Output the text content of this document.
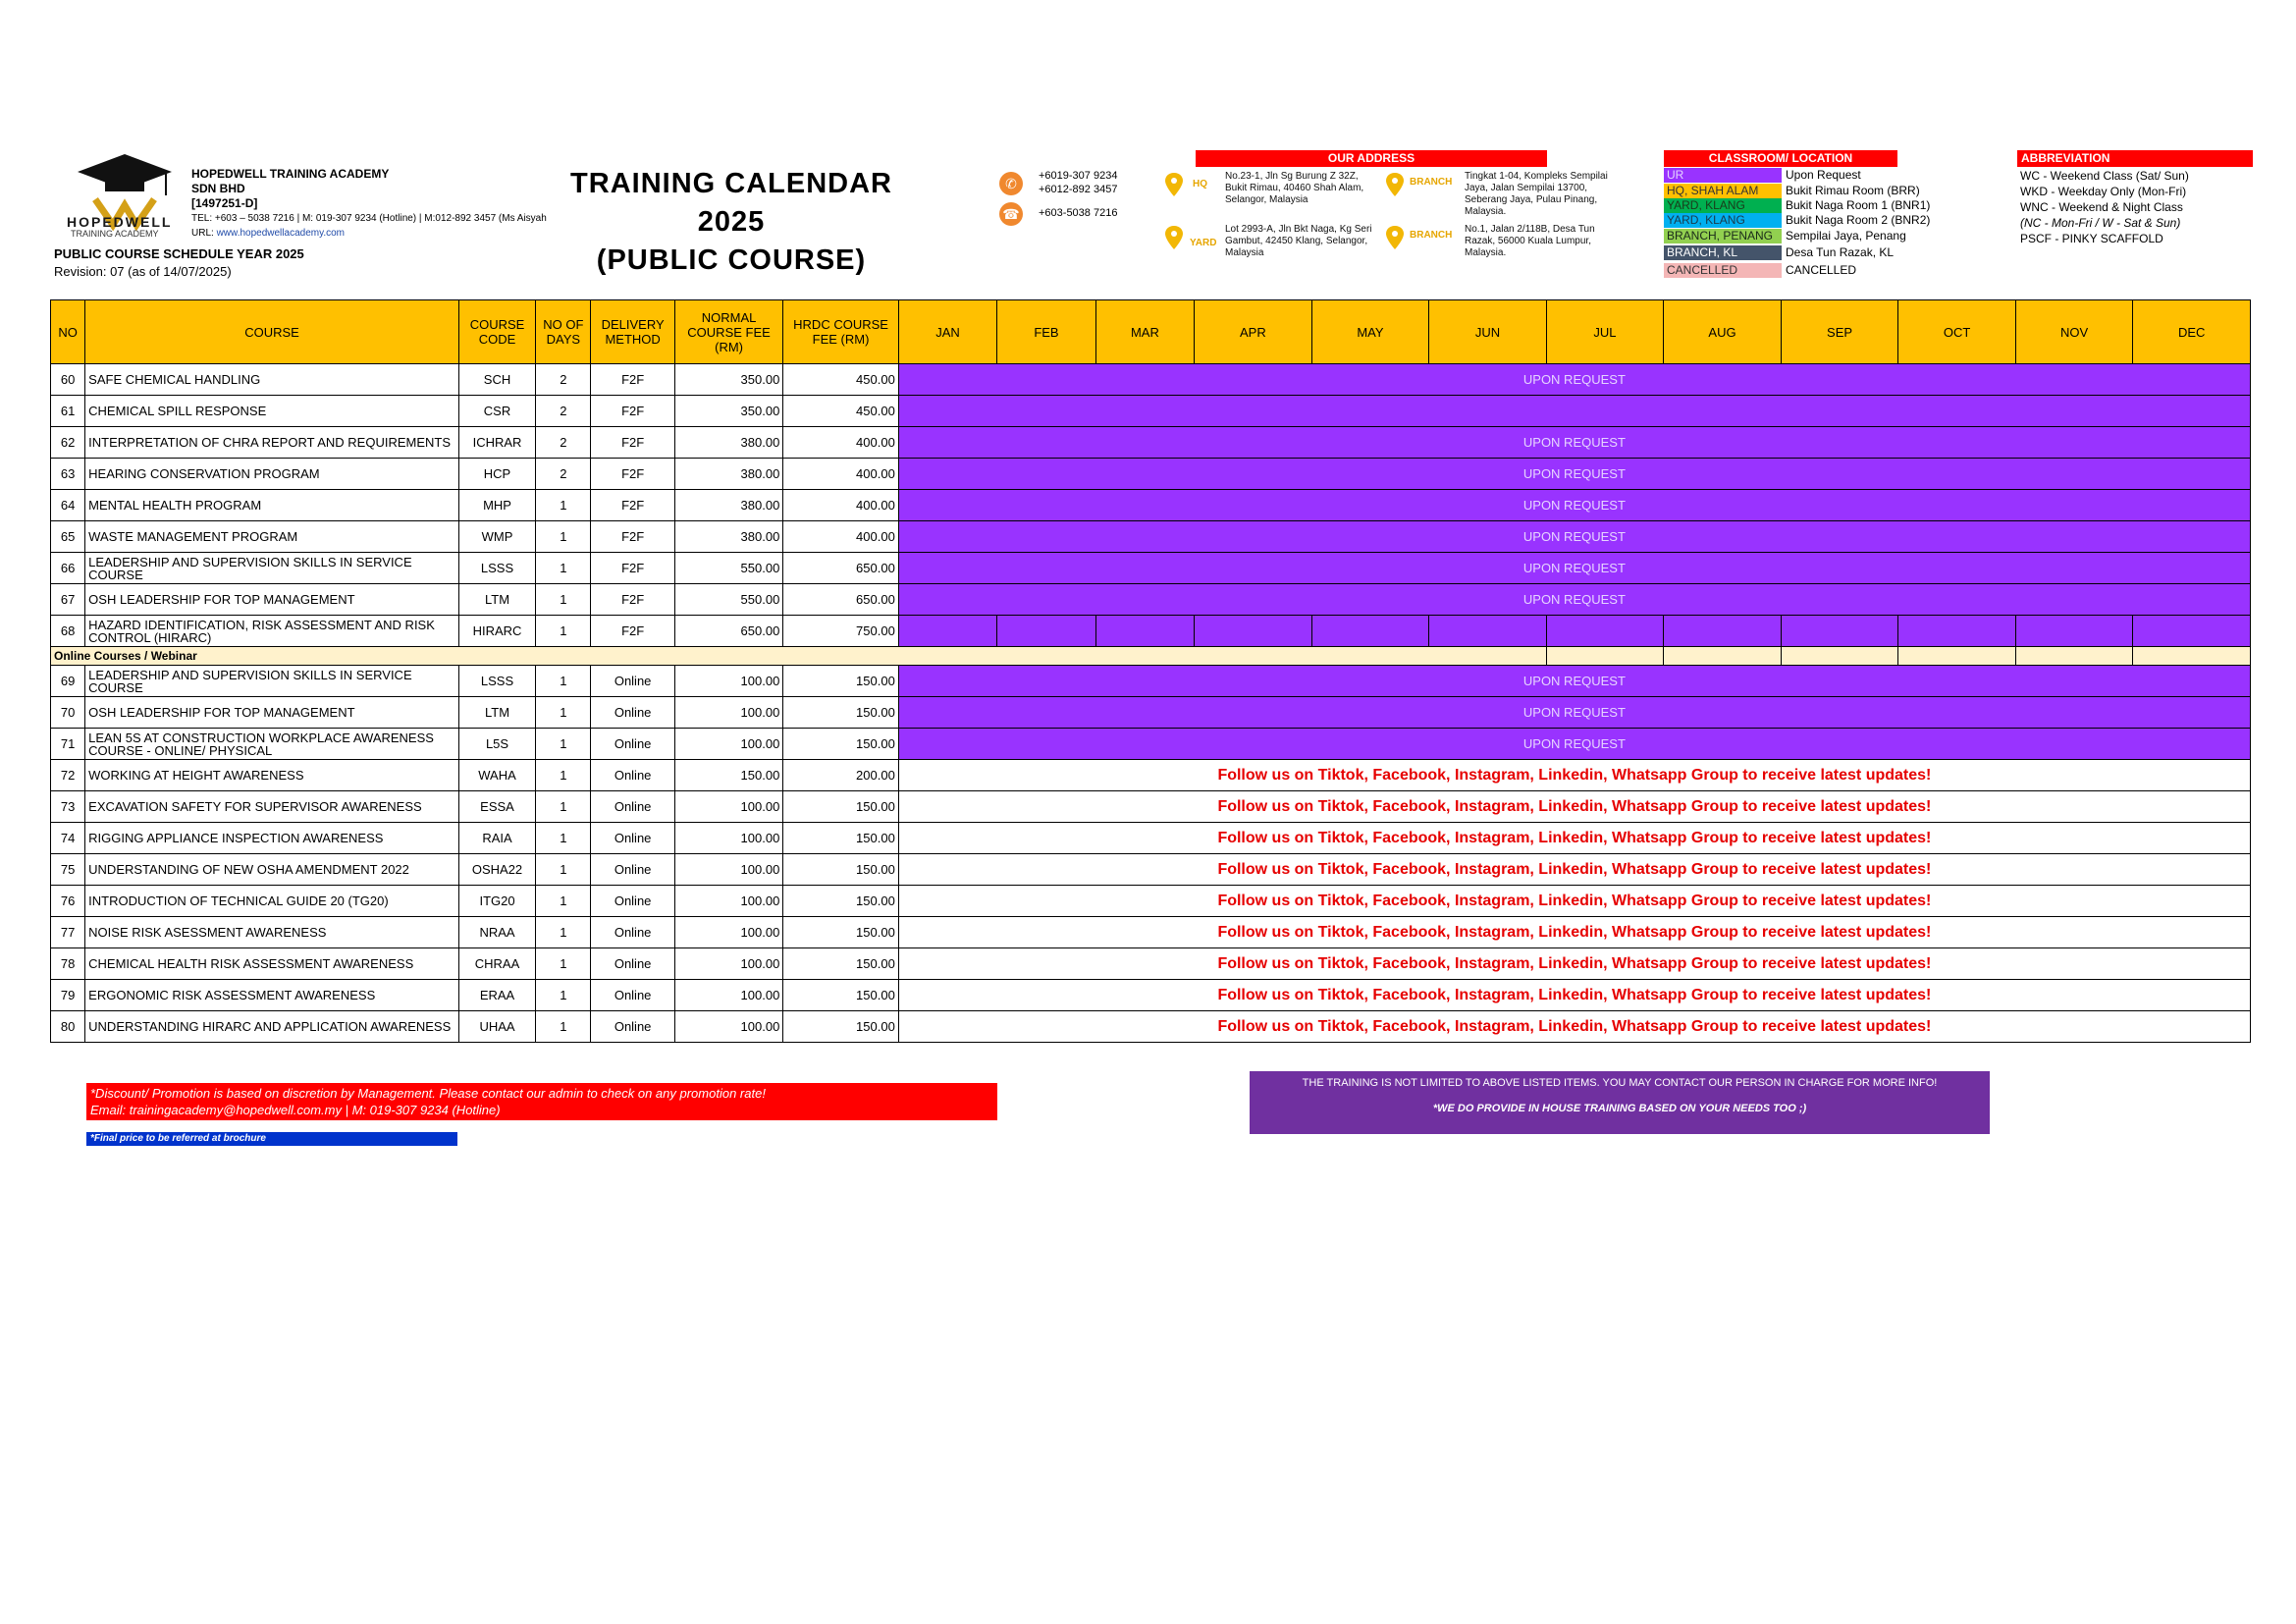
HOPEDWELL
TRAINING ACADEMY
HOPEDWELL TRAINING ACADEMY
SDN BHD
[1497251-D]
TEL: +603 – 5038 7216 | M: 019-307 9234 (Hotline) | M:012-892 3457 (Ms Aisyah
URL: www.hopedwellacademy.com
PUBLIC COURSE SCHEDULE YEAR 2025
Revision: 07 (as of 14/07/2025)
TRAINING CALENDAR
2025
(PUBLIC COURSE)
✆	+6019-307 9234
+6012-892 3457
☎ +603-5038 7216
OUR ADDRESS
HQ
No.23-1, Jln Sg Burung Z 32Z, Bukit Rimau, 40460 Shah Alam, Selangor, Malaysia
YARD
Lot 2993-A, Jln Bkt Naga, Kg Seri Gambut, 42450 Klang, Selangor, Malaysia
BRANCH
Tingkat 1-04, Kompleks Sempilai Jaya, Jalan Sempilai 13700, Seberang Jaya, Pulau Pinang, Malaysia.
BRANCH
No.1, Jalan 2/118B, Desa Tun Razak, 56000 Kuala Lumpur, Malaysia.
CLASSROOM/ LOCATION
UR	Upon Request
HQ, SHAH ALAM	Bukit Rimau Room (BRR)
YARD, KLANG	Bukit Naga Room 1 (BNR1)
YARD, KLANG	Bukit Naga Room 2 (BNR2)
BRANCH, PENANG	Sempilai Jaya, Penang
BRANCH, KL	Desa Tun Razak, KL
CANCELLED	CANCELLED
ABBREVIATION
WC - Weekend Class (Sat/ Sun)
WKD - Weekday Only (Mon-Fri)
WNC - Weekend & Night Class
(NC - Mon-Fri / W - Sat & Sun)
PSCF - PINKY SCAFFOLD
NO	COURSE	COURSE CODE	NO OF DAYS	DELIVERY METHOD	NORMAL COURSE FEE (RM)	HRDC COURSE FEE (RM)	JAN	FEB	MAR	APR	MAY	JUN	JUL	AUG	SEP	OCT	NOV	DEC
60	SAFE CHEMICAL HANDLING	SCH	2	F2F	350.00	450.00	UPON REQUEST											
61	CHEMICAL SPILL RESPONSE	CSR	2	F2F	350.00	450.00												
62	INTERPRETATION OF CHRA REPORT AND REQUIREMENTS	ICHRAR	2	F2F	380.00	400.00	UPON REQUEST											
63	HEARING CONSERVATION PROGRAM	HCP	2	F2F	380.00	400.00	UPON REQUEST											
64	MENTAL HEALTH PROGRAM	MHP	1	F2F	380.00	400.00	UPON REQUEST											
65	WASTE MANAGEMENT PROGRAM	WMP	1	F2F	380.00	400.00	UPON REQUEST											
66	LEADERSHIP AND SUPERVISION SKILLS IN SERVICE COURSE	LSSS	1	F2F	550.00	650.00	UPON REQUEST											
67	OSH LEADERSHIP FOR TOP MANAGEMENT	LTM	1	F2F	550.00	650.00	UPON REQUEST											
68	HAZARD IDENTIFICATION, RISK ASSESSMENT AND RISK CONTROL (HIRARC)	HIRARC	1	F2F	650.00	750.00												
Online Courses / Webinar																		
69	LEADERSHIP AND SUPERVISION SKILLS IN SERVICE COURSE	LSSS	1	Online	100.00	150.00	UPON REQUEST											
70	OSH LEADERSHIP FOR TOP MANAGEMENT	LTM	1	Online	100.00	150.00	UPON REQUEST											
71	LEAN 5S AT CONSTRUCTION WORKPLACE AWARENESS COURSE - ONLINE/ PHYSICAL	L5S	1	Online	100.00	150.00	UPON REQUEST											
72	WORKING AT HEIGHT AWARENESS	WAHA	1	Online	150.00	200.00	Follow us on Tiktok, Facebook, Instagram, Linkedin, Whatsapp Group to receive latest updates!											
73	EXCAVATION SAFETY FOR SUPERVISOR AWARENESS	ESSA	1	Online	100.00	150.00	Follow us on Tiktok, Facebook, Instagram, Linkedin, Whatsapp Group to receive latest updates!											
74	RIGGING APPLIANCE INSPECTION AWARENESS	RAIA	1	Online	100.00	150.00	Follow us on Tiktok, Facebook, Instagram, Linkedin, Whatsapp Group to receive latest updates!											
75	UNDERSTANDING OF NEW OSHA AMENDMENT 2022	OSHA22	1	Online	100.00	150.00	Follow us on Tiktok, Facebook, Instagram, Linkedin, Whatsapp Group to receive latest updates!											
76	INTRODUCTION OF TECHNICAL GUIDE 20 (TG20)	ITG20	1	Online	100.00	150.00	Follow us on Tiktok, Facebook, Instagram, Linkedin, Whatsapp Group to receive latest updates!											
77	NOISE RISK ASESSMENT AWARENESS	NRAA	1	Online	100.00	150.00	Follow us on Tiktok, Facebook, Instagram, Linkedin, Whatsapp Group to receive latest updates!											
78	CHEMICAL HEALTH RISK ASSESSMENT AWARENESS	CHRAA	1	Online	100.00	150.00	Follow us on Tiktok, Facebook, Instagram, Linkedin, Whatsapp Group to receive latest updates!											
79	ERGONOMIC RISK ASSESSMENT AWARENESS	ERAA	1	Online	100.00	150.00	Follow us on Tiktok, Facebook, Instagram, Linkedin, Whatsapp Group to receive latest updates!											
80	UNDERSTANDING HIRARC AND APPLICATION AWARENESS	UHAA	1	Online	100.00	150.00	Follow us on Tiktok, Facebook, Instagram, Linkedin, Whatsapp Group to receive latest updates!											
*Discount/ Promotion is based on discretion by Management. Please contact our admin to check on any promotion rate!
Email: trainingacademy@hopedwell.com.my | M: 019-307 9234 (Hotline)
*Final price to be referred at brochure

THE TRAINING IS NOT LIMITED TO ABOVE LISTED ITEMS. YOU MAY CONTACT OUR PERSON IN CHARGE FOR MORE INFO!

*WE DO PROVIDE IN HOUSE TRAINING BASED ON YOUR NEEDS TOO ;)
